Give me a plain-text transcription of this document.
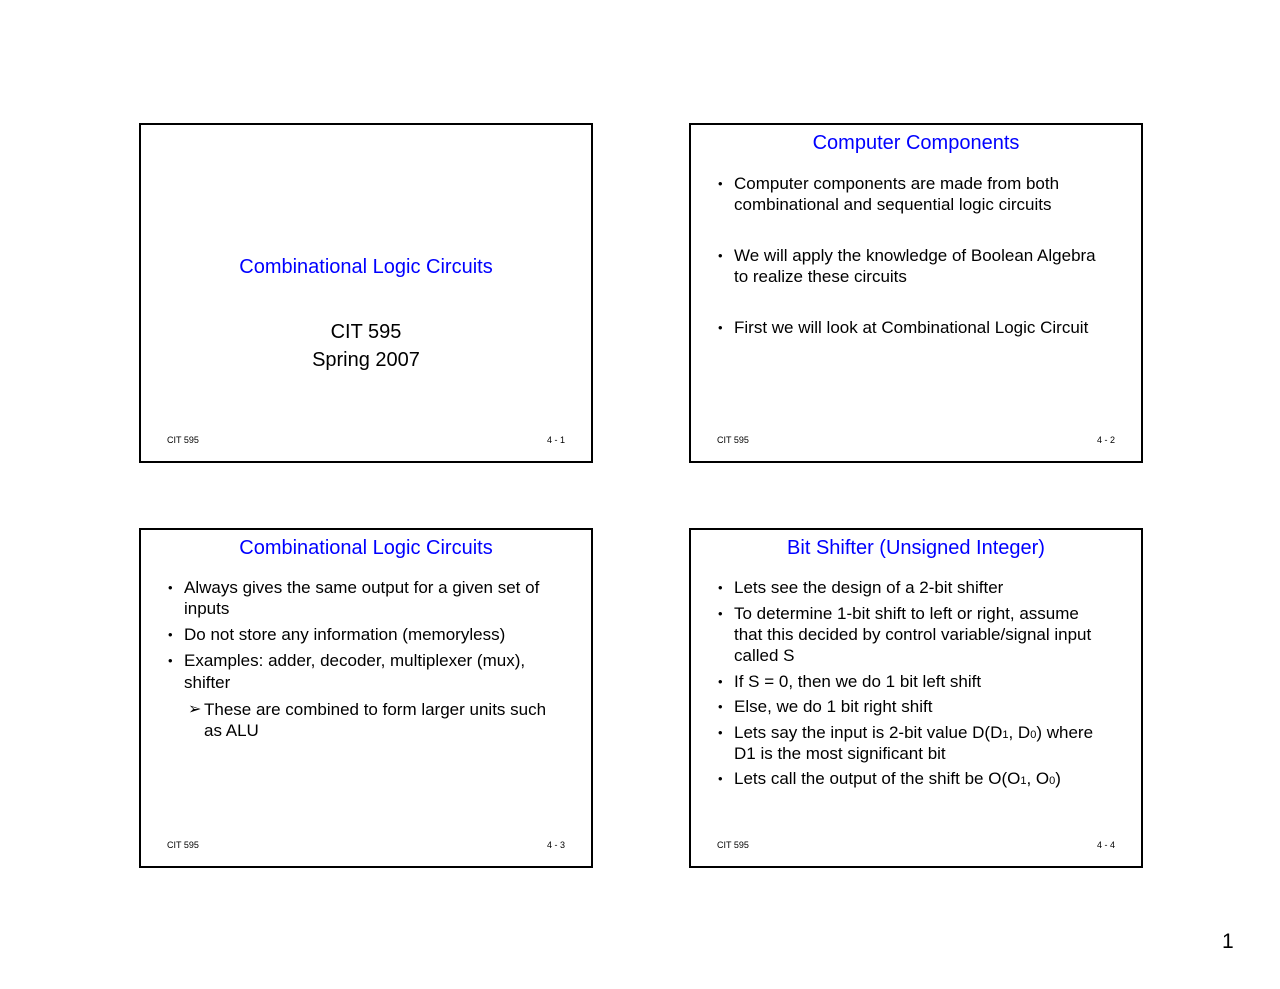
Combinational Logic Circuits
CIT 595
Spring 2007
CIT 595	4 - 1
Computer Components
• Computer components are made from both
combinational and sequential logic circuits
• We will apply the knowledge of Boolean Algebra
to realize these circuits
• First we will look at Combinational Logic Circuit
CIT 595	4 - 2
Combinational Logic Circuits
• Always gives the same output for a given set of
inputs
• Do not store any information (memoryless)
• Examples: adder, decoder, multiplexer (mux),
shifter
➢ These are combined to form larger units such
as ALU
CIT 595	4 - 3
Bit Shifter (Unsigned Integer)
• Lets see the design of a 2-bit shifter
• To determine 1-bit shift to left or right, assume
that this decided by control variable/signal input
called S
• If S = 0, then we do 1 bit left shift
• Else, we do 1 bit right shift
• Lets say the input is 2-bit value D(D1, D0) where
D1 is the most significant bit
• Lets call the output of the shift be O(O1, O0)
CIT 595	4 - 4
1
